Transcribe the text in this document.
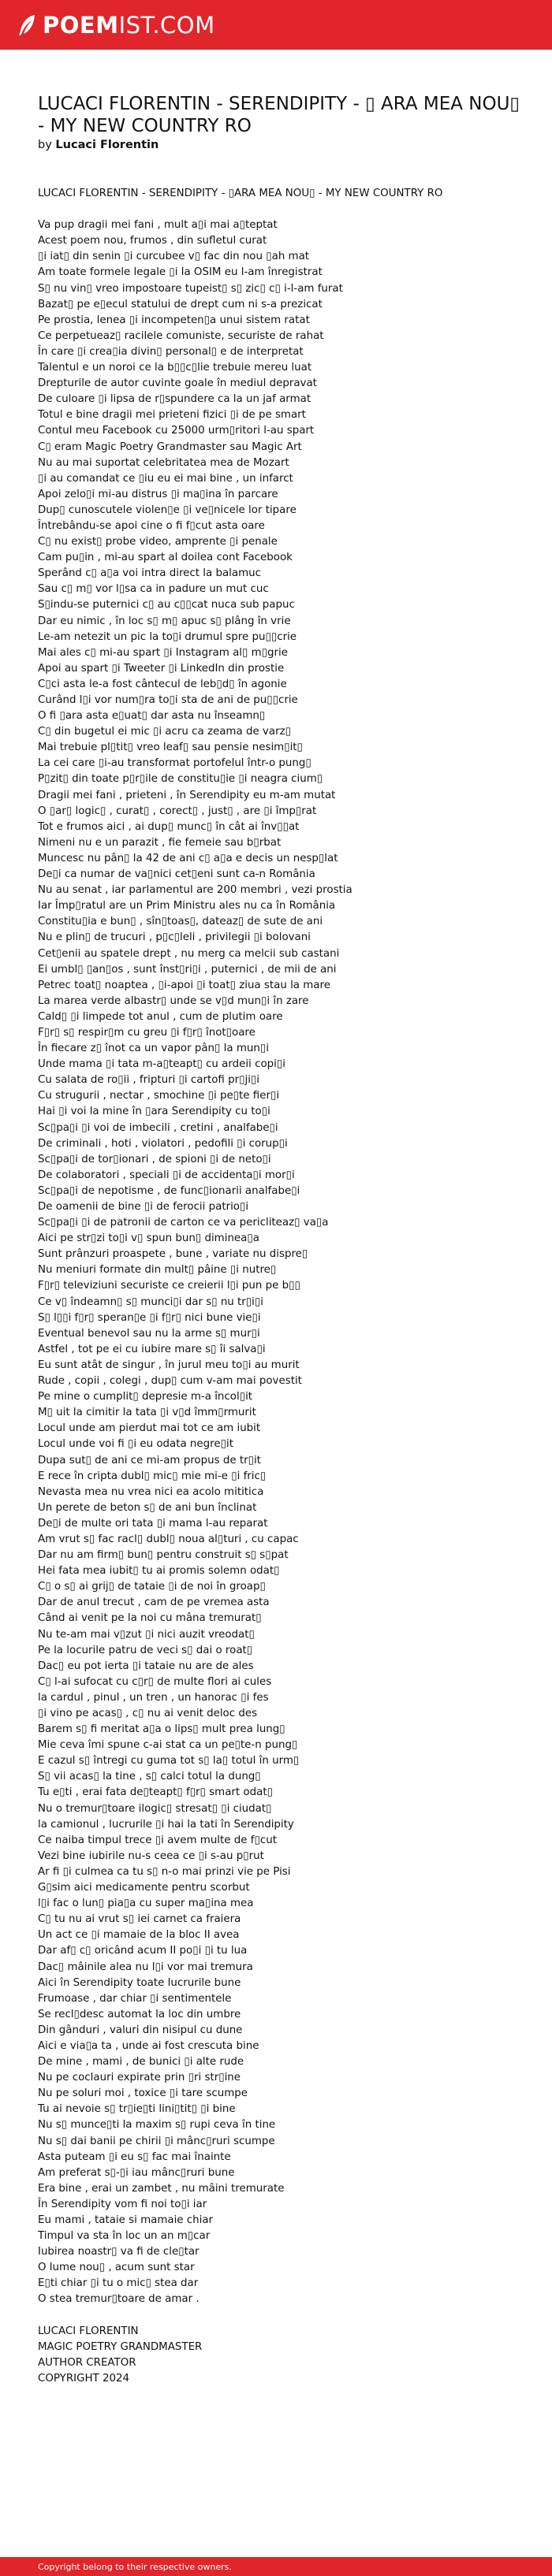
POEMIST.COM
LUCACI FLORENTIN - SERENDIPITY - ▯ ARA MEA NOU▯ - MY NEW COUNTRY RO
by Lucaci Florentin
LUCACI FLORENTIN - SERENDIPITY - ▯ARA MEA NOU▯ - MY NEW COUNTRY RO
Va pup dragii mei fani , mult a▯i mai a▯teptat
Acest poem nou, frumos , din sufletul curat
▯i iat▯ din senin ▯i curcubee v▯ fac din nou ▯ah mat
Am toate formele legale ▯i la OSIM eu l-am înregistrat
S▯ nu vin▯ vreo impostoare tupeist▯ s▯ zic▯ c▯ i-l-am furat
Bazat▯ pe e▯ecul statului de drept cum ni s-a prezicat
Pe prostia, lenea ▯i incompeten▯a unui sistem ratat
Ce perpetueaz▯ racilele comuniste, securiste de rahat
În care ▯i crea▯ia divin▯ personal▯ e de interpretat
Talentul e un noroi ce la b▯▯c▯lie trebuie mereu luat
Drepturile de autor cuvinte goale în mediul depravat
De culoare ▯i lipsa de r▯spundere ca la un jaf armat
Totul e bine dragii mei prieteni fizici ▯i de pe smart
Contul meu Facebook cu 25000 urm▯ritori l-au spart
C▯ eram Magic Poetry Grandmaster sau Magic Art
Nu au mai suportat celebritatea mea de Mozart
▯i au comandat ce ▯iu eu ei mai bine , un infarct
Apoi zelo▯i mi-au distrus ▯i ma▯ina în parcare
Dup▯ cunoscutele violen▯e ▯i ve▯nicele lor tipare
Întrebându-se apoi cine o fi f▯cut asta oare
C▯ nu exist▯ probe video, amprente ▯i penale
Cam pu▯in , mi-au spart al doilea cont Facebook
Sperând c▯ a▯a voi intra direct la balamuc
Sau c▯ m▯ vor l▯sa ca in padure un mut cuc
S▯indu-se puternici c▯ au c▯▯cat nuca sub papuc
Dar eu nimic , în loc s▯ m▯ apuc s▯ plâng în vrie
Le-am netezit un pic la to▯i drumul spre pu▯▯crie
Mai ales c▯ mi-au spart ▯i Instagram al▯ m▯grie
Apoi au spart ▯i Tweeter ▯i LinkedIn din prostie
C▯ci asta le-a fost cântecul de leb▯d▯ în agonie
Curând l▯i vor num▯ra to▯i sta de ani de pu▯▯crie
O fi ▯ara asta e▯uat▯ dar asta nu înseamn▯
C▯ din bugetul ei mic ▯i acru ca zeama de varz▯
Mai trebuie pl▯tit▯ vreo leaf▯ sau pensie nesim▯it▯
La cei care ▯i-au transformat portofelul într-o pung▯
P▯zit▯ din toate p▯r▯ile de constitu▯ie ▯i neagra cium▯
Dragii mei fani , prieteni , în Serendipity eu m-am mutat
O ▯ar▯ logic▯ , curat▯ , corect▯ , just▯ , are ▯i împ▯rat
Tot e frumos aici , ai dup▯ munc▯ în cât ai înv▯▯at
Nimeni nu e un parazit , fie femeie sau b▯rbat
Muncesc nu pân▯ la 42 de ani c▯ a▯a e decis un nesp▯lat
De▯i ca numar de va▯nici cet▯eni sunt ca-n România
Nu au senat , iar parlamentul are 200 membri , vezi prostia
Iar Împ▯ratul are un Prim Ministru ales nu ca în România
Constitu▯ia e bun▯ , sîn▯toas▯, dateaz▯ de sute de ani
Nu e plin▯ de trucuri , p▯c▯leli , privilegii ▯i bolovani
Cet▯enii au spatele drept , nu merg ca melcii sub castani
Ei umbl▯ ▯an▯os , sunt înst▯ri▯i , puternici , de mii de ani
Petrec toat▯ noaptea , ▯i-apoi ▯i toat▯ ziua stau la mare
La marea verde albastr▯ unde se v▯d mun▯i în zare
Cald▯ ▯i limpede tot anul , cum de plutim oare
F▯r▯ s▯ respir▯m cu greu ▯i f▯r▯ înot▯oare
În fiecare z▯ înot ca un vapor pân▯ la mun▯i
Unde mama ▯i tata m-a▯teapt▯ cu ardeii copi▯i
Cu salata de ro▯ii , fripturi ▯i cartofi pr▯ji▯i
Cu strugurii , nectar , smochine ▯i pe▯te fier▯i
Hai ▯i voi la mine în ▯ara Serendipity cu to▯i
Sc▯pa▯i ▯i voi de imbecili , cretini , analfabe▯i
De criminali , hoti , violatori , pedofili ▯i corup▯i
Sc▯pa▯i de tor▯ionari , de spioni ▯i de neto▯i
De colaboratori , speciali ▯i de accidenta▯i mor▯i
Sc▯pa▯i de nepotisme , de func▯ionarii analfabe▯i
De oamenii de bine ▯i de ferocii patrio▯i
Sc▯pa▯i ▯i de patronii de carton ce va pericliteaz▯ va▯a
Aici pe str▯zi to▯i v▯ spun bun▯ diminea▯a
Sunt prânzuri proaspete , bune , variate nu dispre▯
Nu meniuri formate din mult▯ pâine ▯i nutre▯
F▯r▯ televiziuni securiste ce creierii l▯i pun pe b▯▯
Ce v▯ îndeamn▯ s▯ munci▯i dar s▯ nu tr▯i▯i
S▯ l▯▯i f▯r▯ speran▯e ▯i f▯r▯ nici bune vie▯i
Eventual benevol sau nu la arme s▯ mur▯i
Astfel , tot pe ei cu iubire mare s▯ îi salva▯i
Eu sunt atât de singur , în jurul meu to▯i au murit
Rude , copii , colegi , dup▯ cum v-am mai povestit
Pe mine o cumplit▯ depresie m-a încol▯it
M▯ uit la cimitir la tata ▯i v▯d îmm▯rmurit
Locul unde am pierdut mai tot ce am iubit
Locul unde voi fi ▯i eu odata negre▯it
Dupa sut▯ de ani ce mi-am propus de tr▯it
E rece în cripta dubl▯ mic▯ mie mi-e ▯i fric▯
Nevasta mea nu vrea nici ea acolo mititica
Un perete de beton s▯ de ani bun înclinat
De▯i de multe ori tata ▯i mama l-au reparat
Am vrut s▯ fac racl▯ dubl▯ noua al▯turi , cu capac
Dar nu am firm▯ bun▯ pentru construit s▯ s▯pat
Hei fata mea iubit▯ tu ai promis solemn odat▯
C▯ o s▯ ai grij▯ de tataie ▯i de noi în groap▯
Dar de anul trecut , cam de pe vremea asta
Când ai venit pe la noi cu mâna tremurat▯
Nu te-am mai v▯zut ▯i nici auzit vreodat▯
Pe la locurile patru de veci s▯ dai o roat▯
Dac▯ eu pot ierta ▯i tataie nu are de ales
C▯ l-ai sufocat cu c▯r▯ de multe flori ai cules
la cardul , pinul , un tren , un hanorac ▯i fes
▯i vino pe acas▯ , c▯ nu ai venit deloc des
Barem s▯ fi meritat a▯a o lips▯ mult prea lung▯
Mie ceva îmi spune c-ai stat ca un pe▯te-n pung▯
E cazul s▯ întregi cu guma tot s▯ la▯ totul în urm▯
S▯ vii acas▯ la tine , s▯ calci totul la dung▯
Tu e▯ti , erai fata de▯teapt▯ f▯r▯ smart odat▯
Nu o tremur▯toare ilogic▯ stresat▯ ▯i ciudat▯
la camionul , lucrurile ▯i hai la tati în Serendipity
Ce naiba timpul trece ▯i avem multe de f▯cut
Vezi bine iubirile nu-s ceea ce ▯i s-au p▯rut
Ar fi ▯i culmea ca tu s▯ n-o mai prinzi vie pe Pisi
G▯sim aici medicamente pentru scorbut
l▯i fac o lun▯ pia▯a cu super ma▯ina mea
C▯ tu nu ai vrut s▯ iei carnet ca fraiera
Un act ce ▯i mamaie de la bloc II avea
Dar af▯ c▯ oricând acum II po▯i ▯i tu lua
Dac▯ mâinile alea nu l▯i vor mai tremura
Aici în Serendipity toate lucrurile bune
Frumoase , dar chiar ▯i sentimentele
Se recl▯desc automat la loc din umbre
Din gânduri , valuri din nisipul cu dune
Aici e via▯a ta , unde ai fost crescuta bine
De mine , mami , de bunici ▯i alte rude
Nu pe coclauri expirate prin ▯ri str▯ine
Nu pe soluri moi , toxice ▯i tare scumpe
Tu ai nevoie s▯ tr▯ie▯ti lini▯tit▯ ▯i bine
Nu s▯ munce▯ti la maxim s▯ rupi ceva în tine
Nu s▯ dai banii pe chirii ▯i mânc▯ruri scumpe
Asta puteam ▯i eu s▯ fac mai înainte
Am preferat s▯-▯i iau mânc▯ruri bune
Era bine , erai un zambet , nu mâini tremurate
În Serendipity vom fi noi to▯i iar
Eu mami , tataie si mamaie chiar
Timpul va sta în loc un an m▯car
Iubirea noastr▯ va fi de cle▯tar
O lume nou▯ , acum sunt star
E▯ti chiar ▯i tu o mic▯ stea dar
O stea tremur▯toare de amar .
LUCACI FLORENTIN
MAGIC POETRY GRANDMASTER
AUTHOR CREATOR
COPYRIGHT 2024
Copyright belong to their respective owners.
